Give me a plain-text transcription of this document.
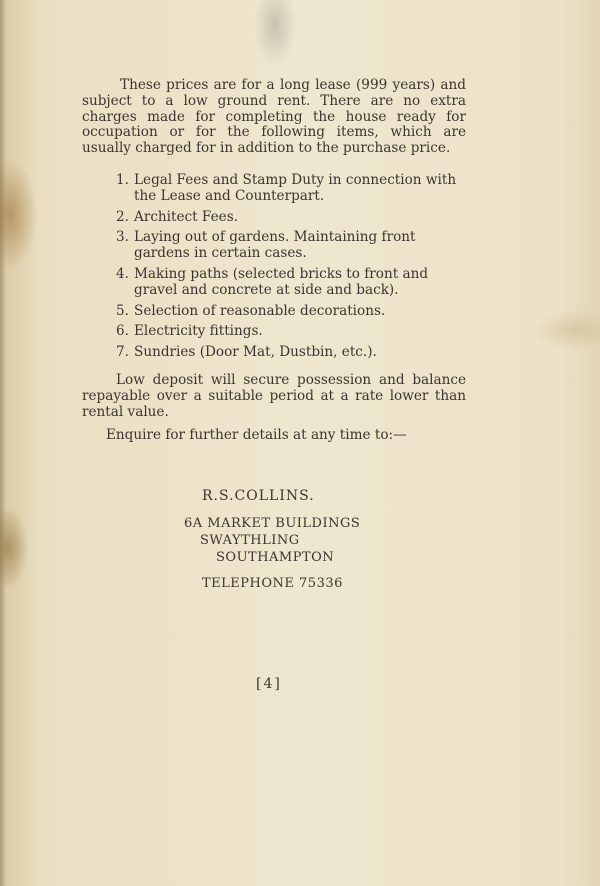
These prices are for a long lease (999 years) and subject to a low ground rent. There are no extra charges made for completing the house ready for occupation or for the following items, which are usually charged for in addition to the purchase price.

1. Legal Fees and Stamp Duty in connection with the Lease and Counterpart.
2. Architect Fees.
3. Laying out of gardens. Maintaining front gardens in certain cases.
4. Making paths (selected bricks to front and gravel and concrete at side and back).
5. Selection of reasonable decorations.
6. Electricity fittings.
7. Sundries (Door Mat, Dustbin, etc.).

Low deposit will secure possession and balance repayable over a suitable period at a rate lower than rental value.

Enquire for further details at any time to:—

R.S.COLLINS.
6A MARKET BUILDINGS
SWAYTHLING
SOUTHAMPTON
TELEPHONE 75336
[4]
